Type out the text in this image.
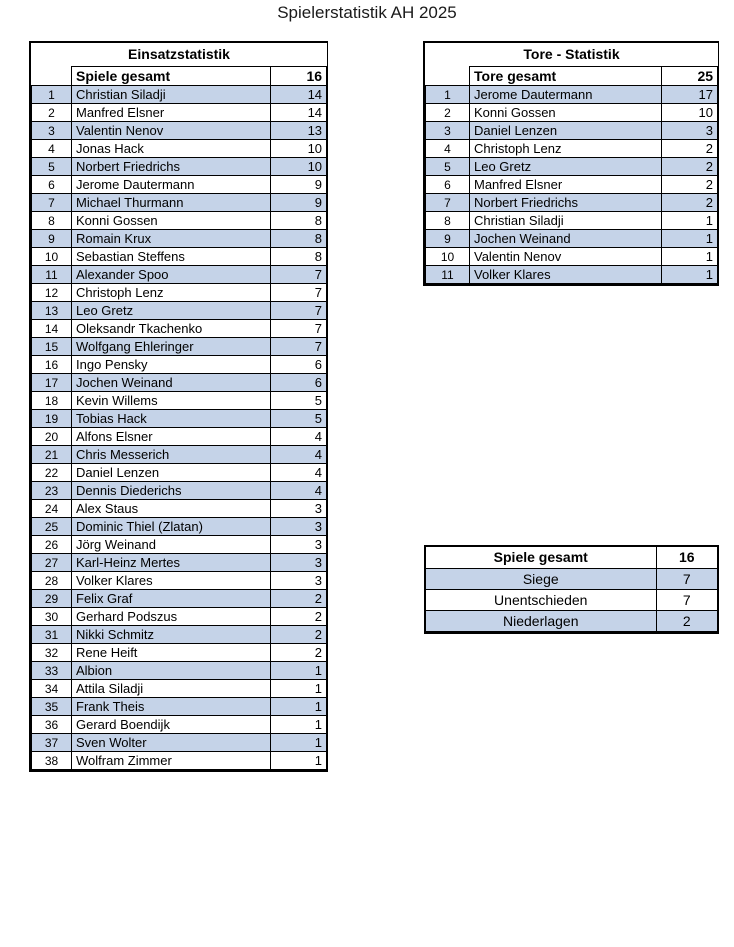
Spielerstatistik AH 2025
Einsatzstatistik		
	Spiele gesamt	16
1	Christian Siladji	14
2	Manfred Elsner	14
3	Valentin Nenov	13
4	Jonas Hack	10
5	Norbert Friedrichs	10
6	Jerome Dautermann	9
7	Michael Thurmann	9
8	Konni Gossen	8
9	Romain Krux	8
10	Sebastian Steffens	8
11	Alexander Spoo	7
12	Christoph Lenz	7
13	Leo Gretz	7
14	Oleksandr Tkachenko	7
15	Wolfgang Ehleringer	7
16	Ingo Pensky	6
17	Jochen Weinand	6
18	Kevin Willems	5
19	Tobias Hack	5
20	Alfons Elsner	4
21	Chris Messerich	4
22	Daniel Lenzen	4
23	Dennis Diederichs	4
24	Alex Staus	3
25	Dominic Thiel (Zlatan)	3
26	Jörg Weinand	3
27	Karl-Heinz Mertes	3
28	Volker Klares	3
29	Felix Graf	2
30	Gerhard Podszus	2
31	Nikki Schmitz	2
32	Rene Heift	2
33	Albion	1
34	Attila Siladji	1
35	Frank Theis	1
36	Gerard Boendijk	1
37	Sven Wolter	1
38	Wolfram Zimmer	1
Tore - Statistik		
	Tore gesamt	25
1	Jerome Dautermann	17
2	Konni Gossen	10
3	Daniel Lenzen	3
4	Christoph Lenz	2
5	Leo Gretz	2
6	Manfred Elsner	2
7	Norbert Friedrichs	2
8	Christian Siladji	1
9	Jochen Weinand	1
10	Valentin Nenov	1
11	Volker Klares	1
Spiele gesamt	16
Siege	7
Unentschieden	7
Niederlagen	2
